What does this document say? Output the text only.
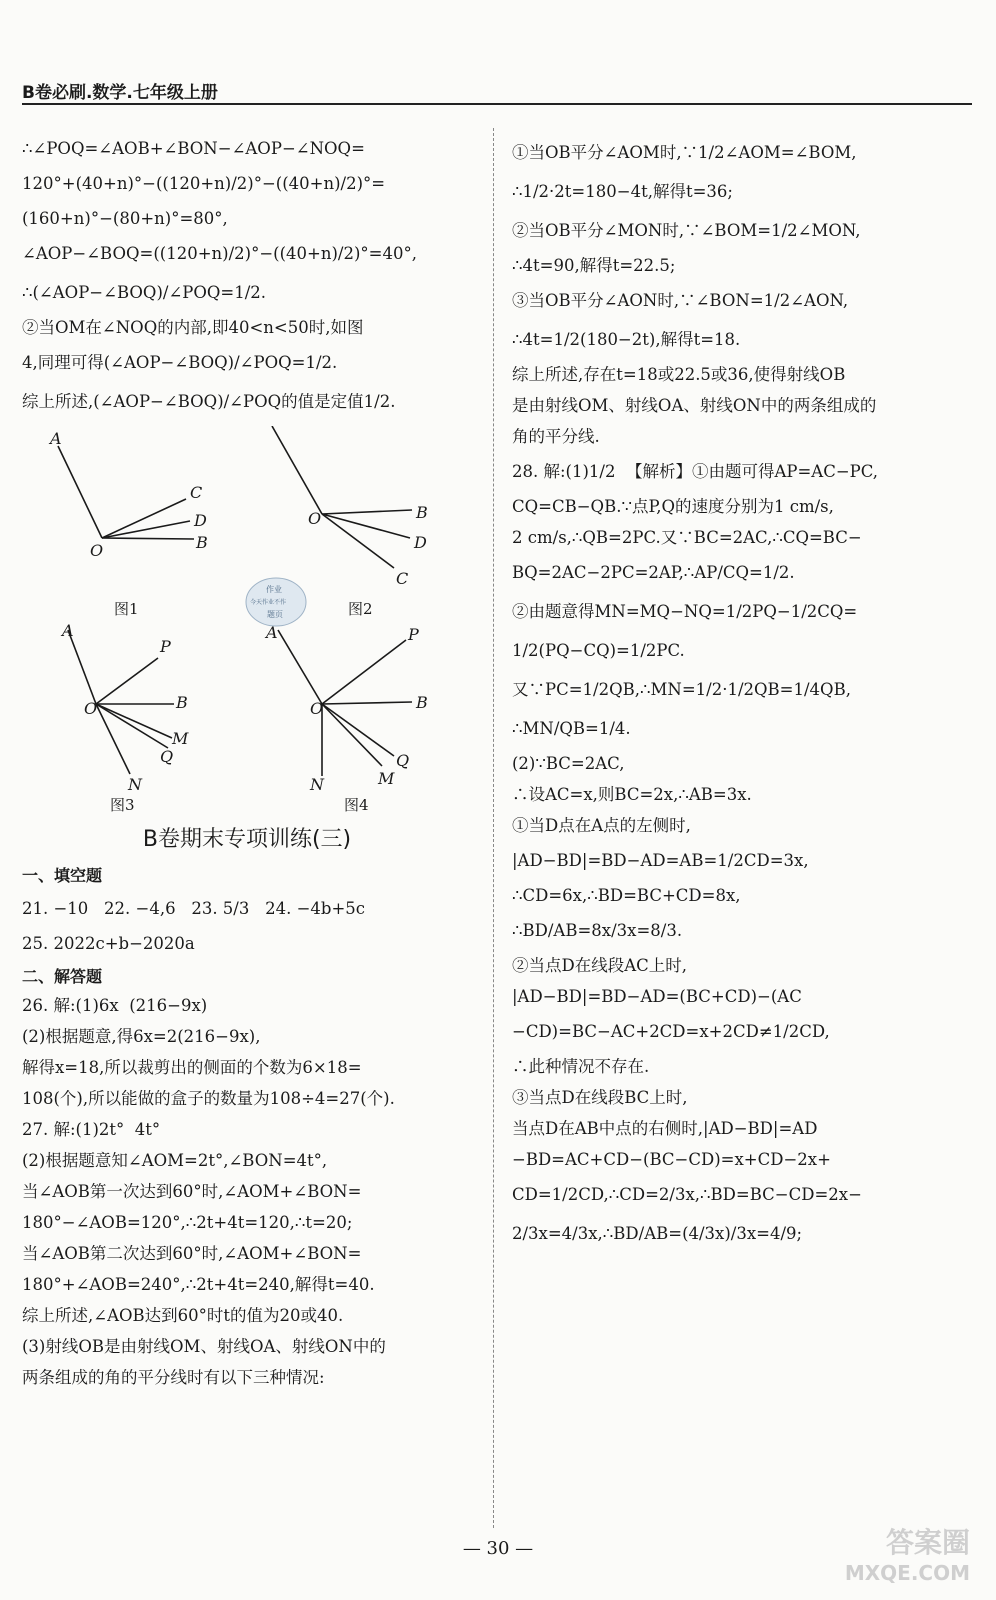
B卷必刷.数学.七年级上册
∴∠POQ=∠AOB+∠BON−∠AOP−∠NOQ=
120°+(40+n)°−((120+n)/2)°−((40+n)/2)°=
(160+n)°−(80+n)°=80°,
∠AOP−∠BOQ=((120+n)/2)°−((40+n)/2)°=40°,
∴(∠AOP−∠BOQ)/∠POQ=1/2.
②当OM在∠NOQ的内部,即40<n<50时,如图
4,同理可得(∠AOP−∠BOQ)/∠POQ=1/2.
综上所述,(∠AOP−∠BOQ)/∠POQ的值是定值1/2.
A
C
D
O	B
图1
B
O
D
C
图2
作业
今天作业不作
题页
A
P
O	B
M
Q
N
图3
A	P
O	B
Q
N	M
图4
B卷期末专项训练(三)
一、填空题
21. −10   22. −4,6   23. 5/3   24. −4b+5c
25. 2022c+b−2020a
二、解答题
26. 解:(1)6x  (216−9x)
(2)根据题意,得6x=2(216−9x),
解得x=18,所以裁剪出的侧面的个数为6×18=
108(个),所以能做的盒子的数量为108÷4=27(个).
27. 解:(1)2t°  4t°
(2)根据题意知∠AOM=2t°,∠BON=4t°,
当∠AOB第一次达到60°时,∠AOM+∠BON=
180°−∠AOB=120°,∴2t+4t=120,∴t=20;
当∠AOB第二次达到60°时,∠AOM+∠BON=
180°+∠AOB=240°,∴2t+4t=240,解得t=40.
综上所述,∠AOB达到60°时t的值为20或40.
(3)射线OB是由射线OM、射线OA、射线ON中的
两条组成的角的平分线时有以下三种情况:
①当OB平分∠AOM时,∵1/2∠AOM=∠BOM,
∴1/2·2t=180−4t,解得t=36;
②当OB平分∠MON时,∵∠BOM=1/2∠MON,
∴4t=90,解得t=22.5;
③当OB平分∠AON时,∵∠BON=1/2∠AON,
∴4t=1/2(180−2t),解得t=18.
综上所述,存在t=18或22.5或36,使得射线OB
是由射线OM、射线OA、射线ON中的两条组成的
角的平分线.
28. 解:(1)1/2  【解析】①由题可得AP=AC−PC,
CQ=CB−QB.∵点P,Q的速度分别为1 cm/s,
2 cm/s,∴QB=2PC.又∵BC=2AC,∴CQ=BC−
BQ=2AC−2PC=2AP,∴AP/CQ=1/2.
②由题意得MN=MQ−NQ=1/2PQ−1/2CQ=
1/2(PQ−CQ)=1/2PC.
又∵PC=1/2QB,∴MN=1/2·1/2QB=1/4QB,
∴MN/QB=1/4.
(2)∵BC=2AC,
∴设AC=x,则BC=2x,∴AB=3x.
①当D点在A点的左侧时,
|AD−BD|=BD−AD=AB=1/2CD=3x,
∴CD=6x,∴BD=BC+CD=8x,
∴BD/AB=8x/3x=8/3.
②当点D在线段AC上时,
|AD−BD|=BD−AD=(BC+CD)−(AC
−CD)=BC−AC+2CD=x+2CD≠1/2CD,
∴此种情况不存在.
③当点D在线段BC上时,
当点D在AB中点的右侧时,|AD−BD|=AD
−BD=AC+CD−(BC−CD)=x+CD−2x+
CD=1/2CD,∴CD=2/3x,∴BD=BC−CD=2x−
2/3x=4/3x,∴BD/AB=(4/3x)/3x=4/9;
— 30 —	答案圈
MXQE.COM
